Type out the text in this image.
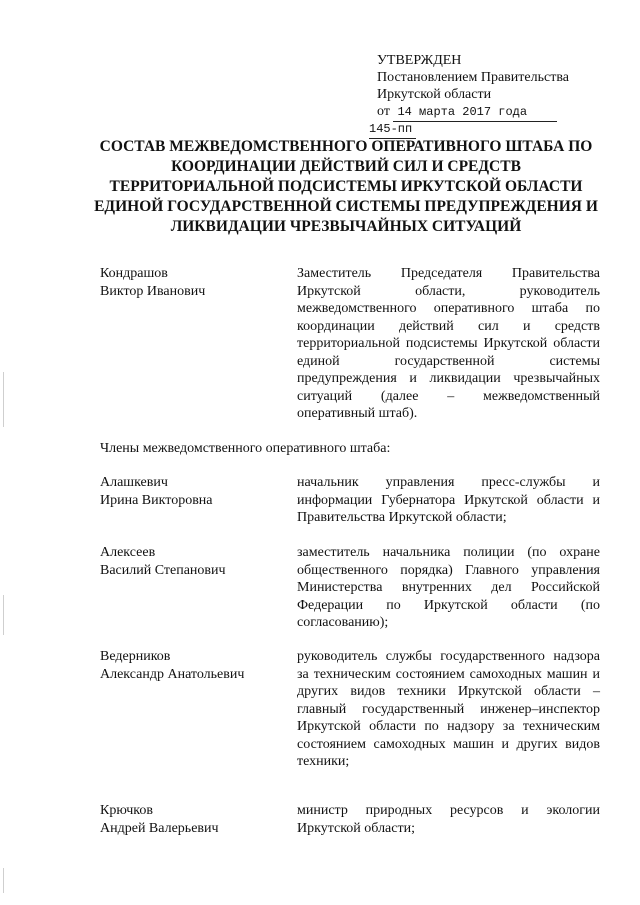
УТВЕРЖДЕН
Постановлением Правительства
Иркутской области
от 14 марта 2017 года
145-пп
СОСТАВ МЕЖВЕДОМСТВЕННОГО ОПЕРАТИВНОГО ШТАБА ПО
КООРДИНАЦИИ ДЕЙСТВИЙ СИЛ И СРЕДСТВ
ТЕРРИТОРИАЛЬНОЙ ПОДСИСТЕМЫ ИРКУТСКОЙ ОБЛАСТИ
ЕДИНОЙ ГОСУДАРСТВЕННОЙ СИСТЕМЫ ПРЕДУПРЕЖДЕНИЯ И
ЛИКВИДАЦИИ ЧРЕЗВЫЧАЙНЫХ СИТУАЦИЙ
Кондрашов
Виктор Иванович
Заместитель Председателя Правительства Иркутской области, руководитель межведомственного оперативного штаба по координации действий сил и средств территориальной подсистемы Иркутской области единой государственной системы предупреждения и ликвидации чрезвычайных ситуаций (далее – межведомственный оперативный штаб).
Члены межведомственного оперативного штаба:
Алашкевич
Ирина Викторовна
начальник управления пресс-службы и информации Губернатора Иркутской области и Правительства Иркутской области;
Алексеев
Василий Степанович
заместитель начальника полиции (по охране общественного порядка) Главного управления Министерства внутренних дел Российской Федерации по Иркутской области (по согласованию);
Ведерников
Александр Анатольевич
руководитель службы государственного надзора за техническим состоянием самоходных машин и других видов техники Иркутской области – главный государственный инженер–инспектор Иркутской области по надзору за техническим состоянием самоходных машин и других видов техники;
Крючков
Андрей Валерьевич
министр природных ресурсов и экологии Иркутской области;
